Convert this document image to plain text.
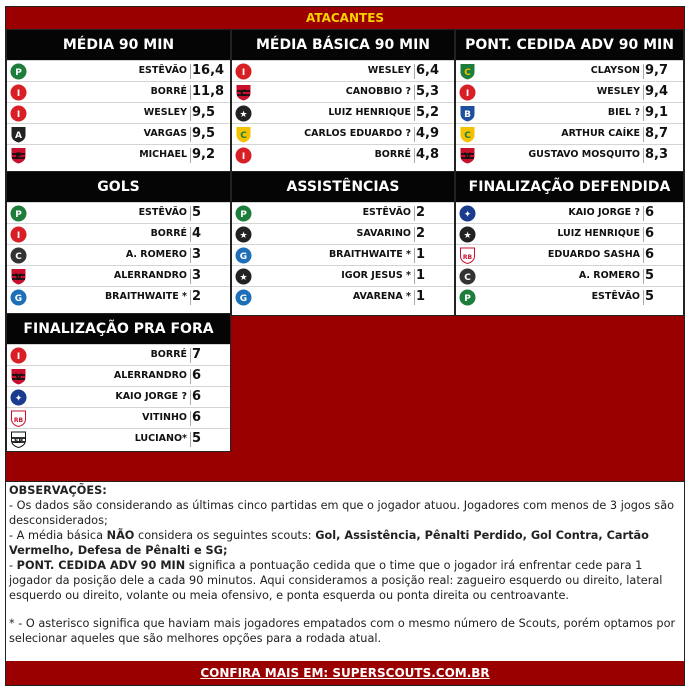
ATACANTES
MÉDIA 90 MIN
P	ESTÊVÃO 16,4
I	BORRÉ 11,8
I	WESLEY 9,5
A	VARGAS 9,5
F	MICHAEL 9,2
MÉDIA BÁSICA 90 MIN
I	WESLEY 6,4
C	CANOBBIO ? 5,3
★	LUIZ HENRIQUE 5,2
C	CARLOS EDUARDO ? 4,9
I	BORRÉ 4,8
PONT. CEDIDA ADV 90 MIN
C	CLAYSON 9,7
I	WESLEY 9,4
B	BIEL ? 9,1
C	ARTHUR CAÍKE 8,7
V	GUSTAVO MOSQUITO 8,3
GOLS
P	ESTÊVÃO 5
I	BORRÉ 4
C	A. ROMERO 3
V	ALERRANDRO 3
G	BRAITHWAITE * 2
ASSISTÊNCIAS
P	ESTÊVÃO 2
★	SAVARINO 2
G	BRAITHWAITE * 1
★	IGOR JESUS * 1
G	AVARENA * 1
FINALIZAÇÃO DEFENDIDA
✦	KAIO JORGE ? 6
★	LUIZ HENRIQUE 6
RB	EDUARDO SASHA 6
C	A. ROMERO 5
P	ESTÊVÃO 5
FINALIZAÇÃO PRA FORA
I	BORRÉ 7
V	ALERRANDRO 6
✦	KAIO JORGE ? 6
RB	VITINHO 6
SP	LUCIANO* 5

OBSERVAÇÕES:

- Os dados são considerando as últimas cinco partidas em que o jogador atuou. Jogadores com menos de 3 jogos são desconsiderados;

- A média básica NÃO considera os seguintes scouts: Gol, Assistência, Pênalti Perdido, Gol Contra, Cartão Vermelho, Defesa de Pênalti e SG;

- PONT. CEDIDA ADV 90 MIN significa a pontuação cedida que o time que o jogador irá enfrentar cede para 1 jogador da posição dele a cada 90 minutos. Aqui consideramos a posição real: zagueiro esquerdo ou direito, lateral esquerdo ou direito, volante ou meia ofensivo, e ponta esquerda ou ponta direita ou centroavante.

* - O asterisco significa que haviam mais jogadores empatados com o mesmo número de Scouts, porém optamos por selecionar aqueles que são melhores opções para a rodada atual.

CONFIRA MAIS EM: SUPERSCOUTS.COM.BR
